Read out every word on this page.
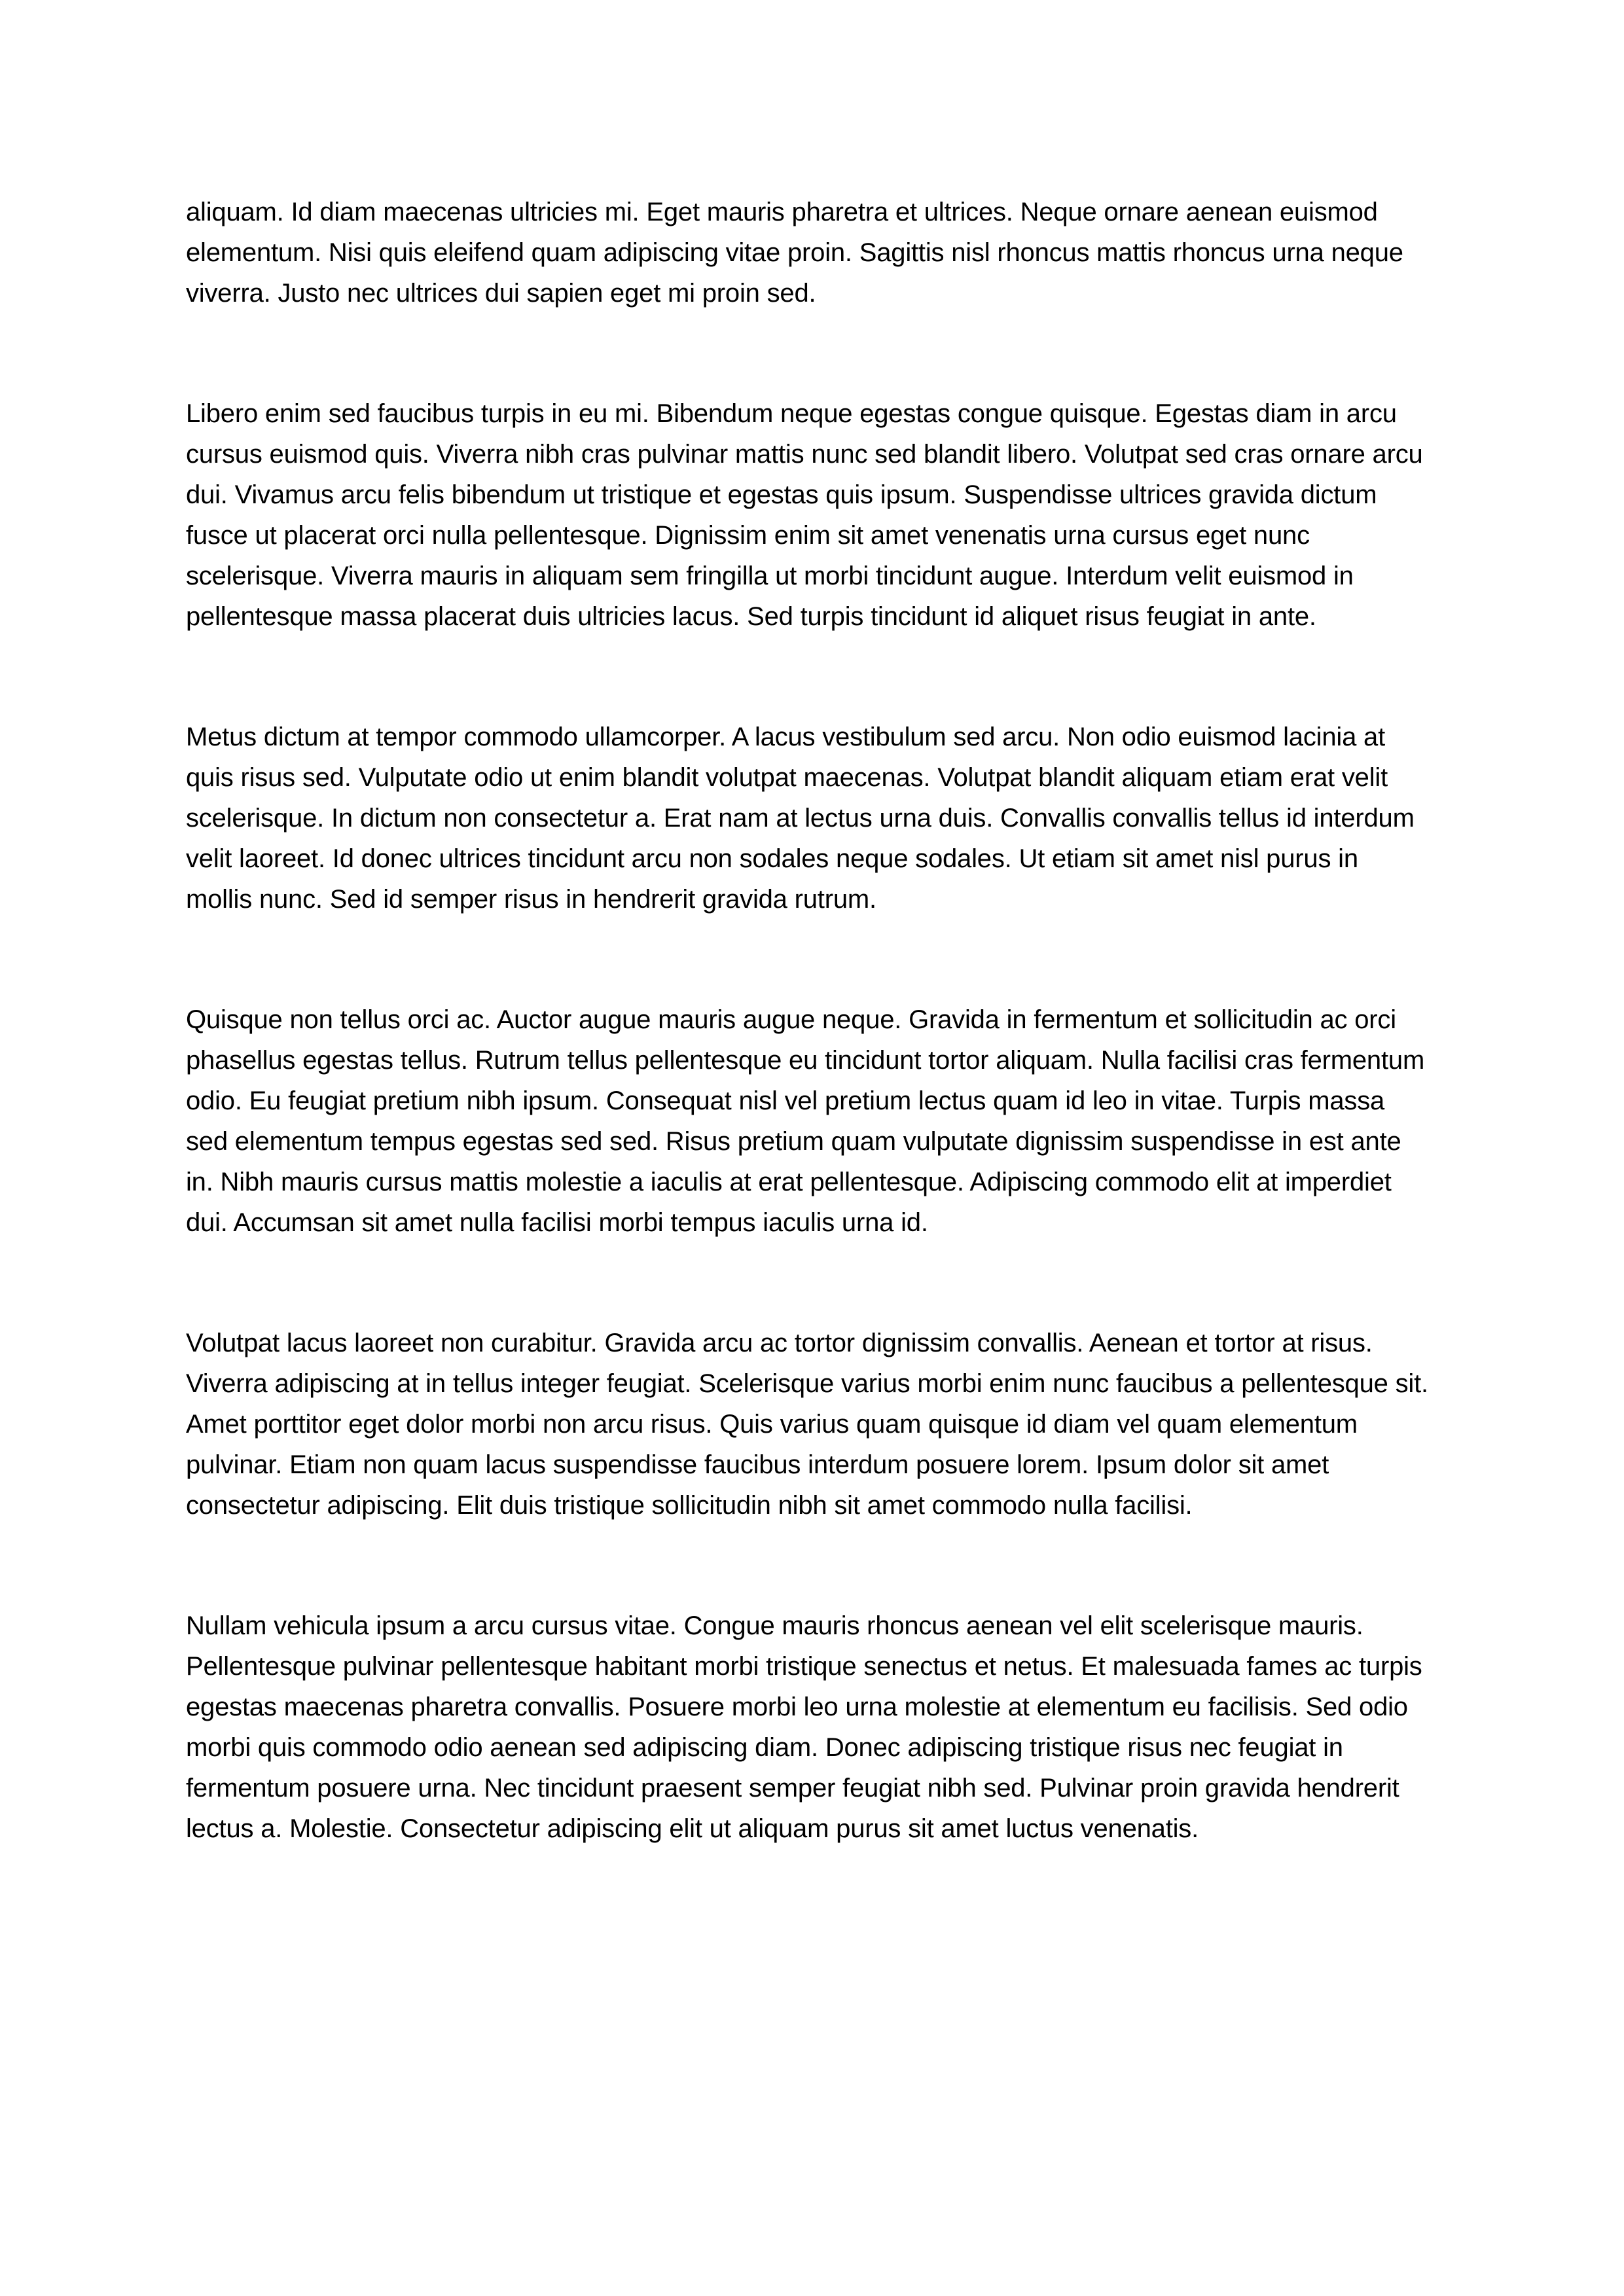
aliquam. Id diam maecenas ultricies mi. Eget mauris pharetra et ultrices. Neque ornare aenean euismod elementum. Nisi quis eleifend quam adipiscing vitae proin. Sagittis nisl rhoncus mattis rhoncus urna neque viverra. Justo nec ultrices dui sapien eget mi proin sed.

Libero enim sed faucibus turpis in eu mi. Bibendum neque egestas congue quisque. Egestas diam in arcu cursus euismod quis. Viverra nibh cras pulvinar mattis nunc sed blandit libero. Volutpat sed cras ornare arcu dui. Vivamus arcu felis bibendum ut tristique et egestas quis ipsum. Suspendisse ultrices gravida dictum fusce ut placerat orci nulla pellentesque. Dignissim enim sit amet venenatis urna cursus eget nunc scelerisque. Viverra mauris in aliquam sem fringilla ut morbi tincidunt augue. Interdum velit euismod in pellentesque massa placerat duis ultricies lacus. Sed turpis tincidunt id aliquet risus feugiat in ante.

Metus dictum at tempor commodo ullamcorper. A lacus vestibulum sed arcu. Non odio euismod lacinia at quis risus sed. Vulputate odio ut enim blandit volutpat maecenas. Volutpat blandit aliquam etiam erat velit scelerisque. In dictum non consectetur a. Erat nam at lectus urna duis. Convallis convallis tellus id interdum velit laoreet. Id donec ultrices tincidunt arcu non sodales neque sodales. Ut etiam sit amet nisl purus in mollis nunc. Sed id semper risus in hendrerit gravida rutrum.

Quisque non tellus orci ac. Auctor augue mauris augue neque. Gravida in fermentum et sollicitudin ac orci phasellus egestas tellus. Rutrum tellus pellentesque eu tincidunt tortor aliquam. Nulla facilisi cras fermentum odio. Eu feugiat pretium nibh ipsum. Consequat nisl vel pretium lectus quam id leo in vitae. Turpis massa sed elementum tempus egestas sed sed. Risus pretium quam vulputate dignissim suspendisse in est ante in. Nibh mauris cursus mattis molestie a iaculis at erat pellentesque. Adipiscing commodo elit at imperdiet dui. Accumsan sit amet nulla facilisi morbi tempus iaculis urna id.

Volutpat lacus laoreet non curabitur. Gravida arcu ac tortor dignissim convallis. Aenean et tortor at risus. Viverra adipiscing at in tellus integer feugiat. Scelerisque varius morbi enim nunc faucibus a pellentesque sit. Amet porttitor eget dolor morbi non arcu risus. Quis varius quam quisque id diam vel quam elementum pulvinar. Etiam non quam lacus suspendisse faucibus interdum posuere lorem. Ipsum dolor sit amet consectetur adipiscing. Elit duis tristique sollicitudin nibh sit amet commodo nulla facilisi.

Nullam vehicula ipsum a arcu cursus vitae. Congue mauris rhoncus aenean vel elit scelerisque mauris. Pellentesque pulvinar pellentesque habitant morbi tristique senectus et netus. Et malesuada fames ac turpis egestas maecenas pharetra convallis. Posuere morbi leo urna molestie at elementum eu facilisis. Sed odio morbi quis commodo odio aenean sed adipiscing diam. Donec adipiscing tristique risus nec feugiat in fermentum posuere urna. Nec tincidunt praesent semper feugiat nibh sed. Pulvinar proin gravida hendrerit lectus a. Molestie. Consectetur adipiscing elit ut aliquam purus sit amet luctus venenatis.
